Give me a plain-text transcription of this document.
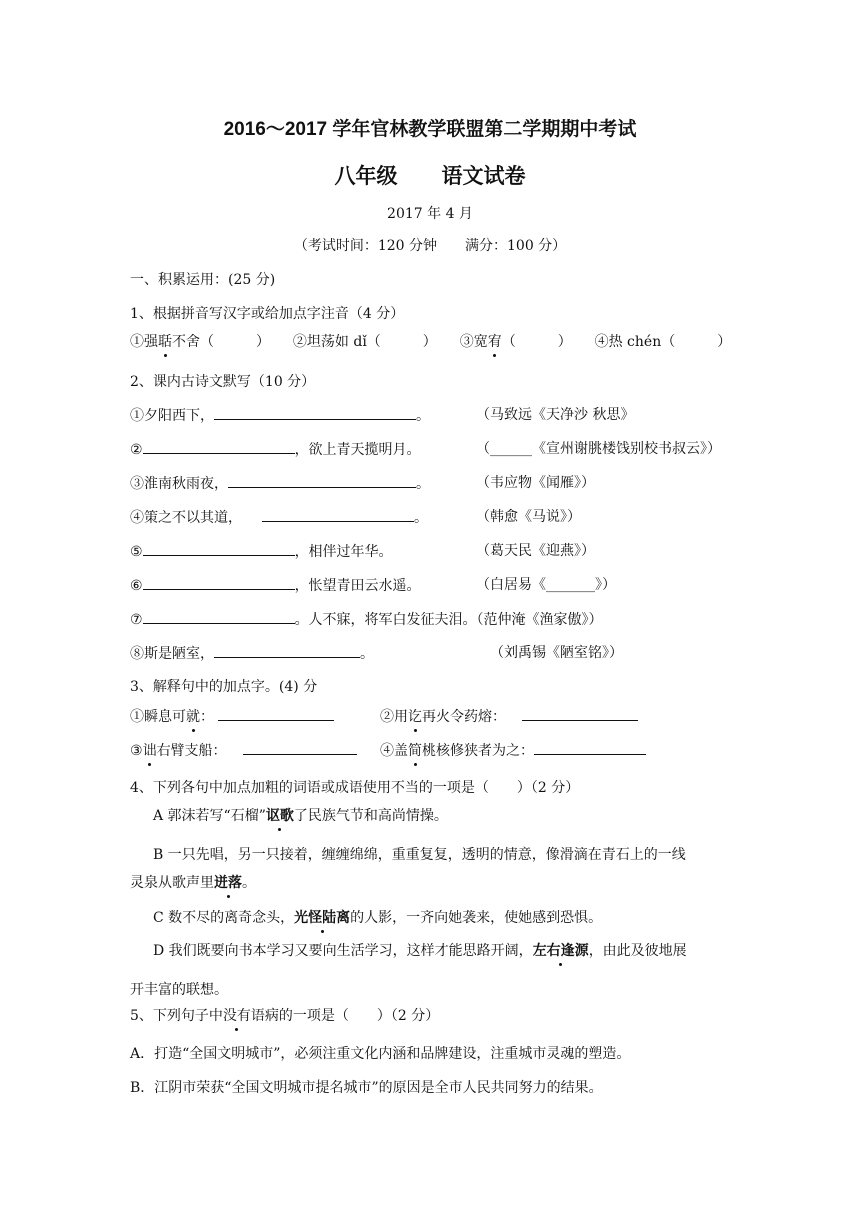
2016～2017 学年官林教学联盟第二学期期中考试
八年级 语文试卷
2017 年 4 月
（考试时间：120 分钟　　满分：100 分）
一、积累运用：(25 分)
1、根据拼音写汉字或给加点字注音（4 分）
①强聒不舍（　　　） ②坦荡如 dǐ（　　　） ③宽宥（　　　） ④热 chén（　　　）
2、课内古诗文默写（10 分）
①夕阳西下，	。	（马致远《天净沙 秋思》
②	，欲上青天揽明月。	（______《宣州谢朓楼饯别校书叔云》）
③淮南秋雨夜，	。	（韦应物《闻雁》）
④策之不以其道，	。	（韩愈《马说》）
⑤	，相伴过年华。	（葛天民《迎燕》）
⑥	，怅望青田云水遥。	（白居易《_______》）
⑦	。人不寐，将军白发征夫泪。（范仲淹《渔家傲》）
⑧斯是陋室，	。	（刘禹锡《陋室铭》）
3、解释句中的加点字。(4) 分
①瞬息可就：	②用讫再火令药熔：
③诎右臂支船：	④盖简桃核修狭者为之：
4、下列各句中加点加粗的词语或成语使用不当的一项是（　　）（2 分）
A 郭沫若写“石榴”讴歌了民族气节和高尚情操。
B 一只先唱，另一只接着，缠缠绵绵，重重复复，透明的情意，像滑滴在青石上的一线
灵泉从歌声里迸落。
C 数不尽的离奇念头，光怪陆离的人影，一齐向她袭来，使她感到恐惧。
D 我们既要向书本学习又要向生活学习，这样才能思路开阔，左右逢源，由此及彼地展
开丰富的联想。
5、下列句子中没有语病的一项是（　　）（2 分）
A．打造“全国文明城市”，必须注重文化内涵和品牌建设，注重城市灵魂的塑造。
B．江阴市荣获“全国文明城市提名城市”的原因是全市人民共同努力的结果。
